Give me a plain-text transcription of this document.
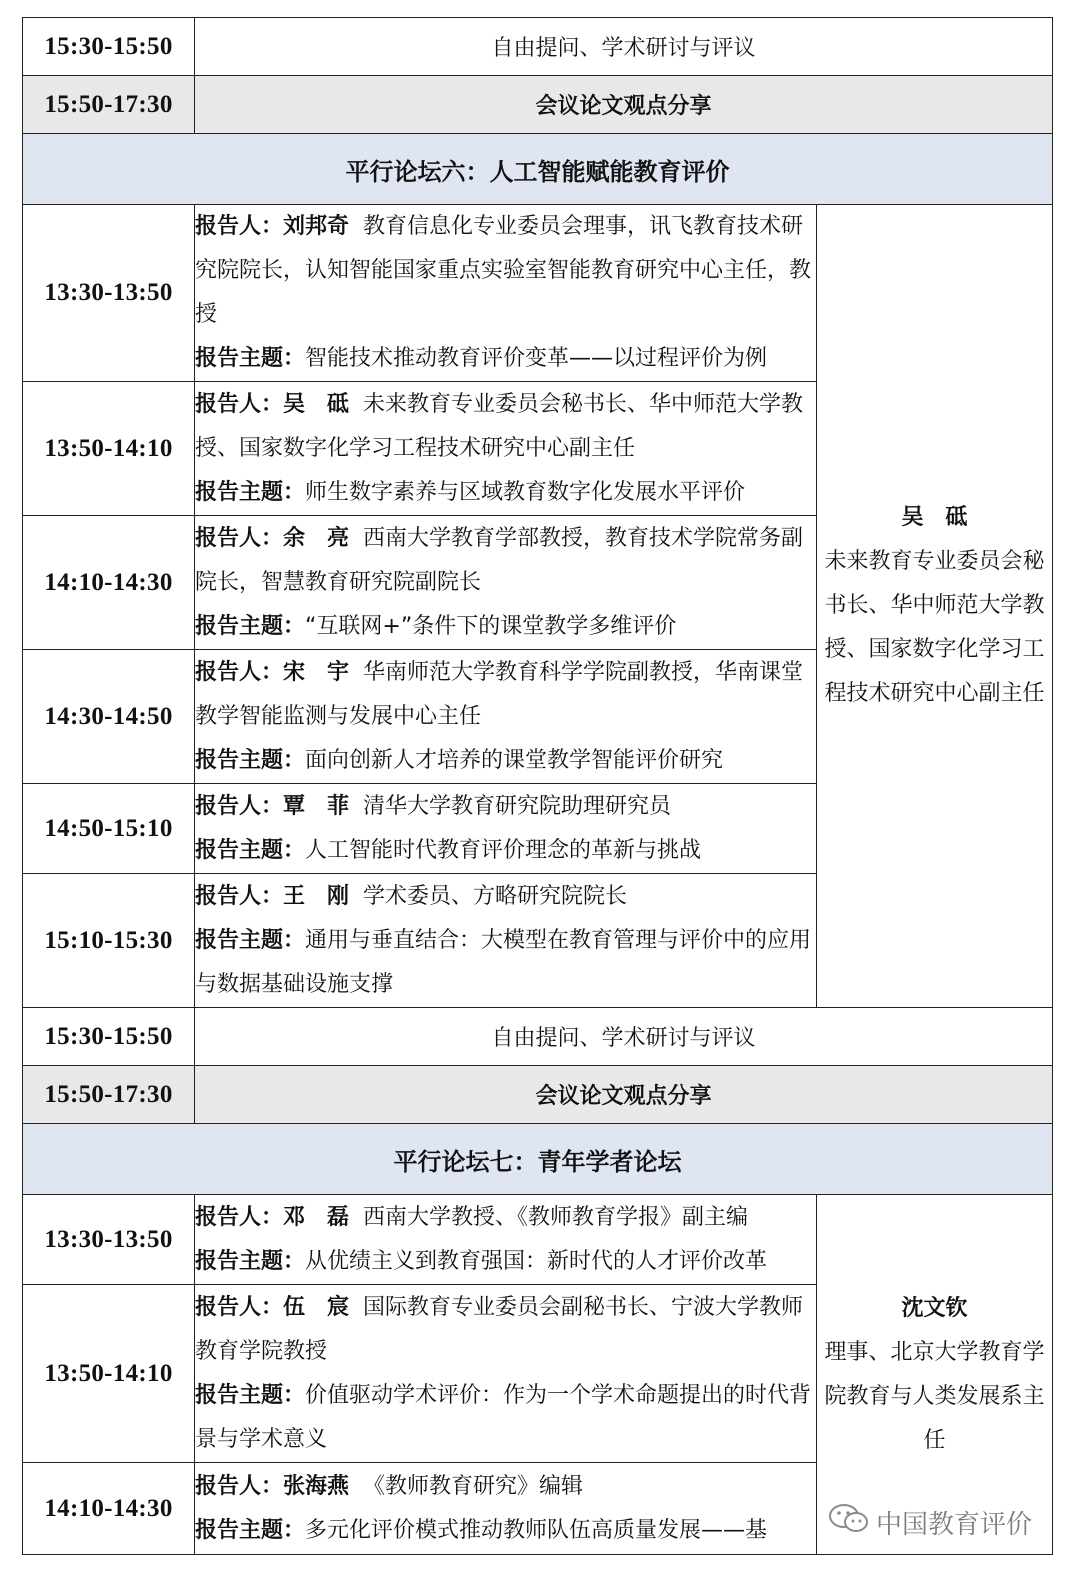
15:30-15:50	自由提问、学术研讨与评议	
15:50-17:30	会议论文观点分享	
平行论坛六：人工智能赋能教育评价		
13:30-13:50	报告人：刘邦奇 教育信息化专业委员会理事，讯飞教育技术研究院院长，认知智能国家重点实验室智能教育研究中心主任，教授
报告主题：智能技术推动教育评价变革——以过程评价为例	吴　砥
未来教育专业委员会秘书长、华中师范大学教授、国家数字化学习工程技术研究中心副主任
13:50-14:10	报告人：吴　砥 未来教育专业委员会秘书长、华中师范大学教授、国家数字化学习工程技术研究中心副主任
报告主题：师生数字素养与区域教育数字化发展水平评价	
14:10-14:30	报告人：余　亮 西南大学教育学部教授，教育技术学院常务副院长，智慧教育研究院副院长
报告主题：“互联网+”条件下的课堂教学多维评价	
14:30-14:50	报告人：宋　宇 华南师范大学教育科学学院副教授，华南课堂教学智能监测与发展中心主任
报告主题：面向创新人才培养的课堂教学智能评价研究	
14:50-15:10	报告人：覃　菲 清华大学教育研究院助理研究员
报告主题：人工智能时代教育评价理念的革新与挑战	
15:10-15:30	报告人：王　刚 学术委员、方略研究院院长
报告主题：通用与垂直结合：大模型在教育管理与评价中的应用与数据基础设施支撑	
15:30-15:50	自由提问、学术研讨与评议	
15:50-17:30	会议论文观点分享	
平行论坛七：青年学者论坛		
13:30-13:50	报告人：邓　磊 西南大学教授、《教师教育学报》副主编
报告主题：从优绩主义到教育强国：新时代的人才评价改革	沈文钦
理事、北京大学教育学院教育与人类发展系主任
13:50-14:10	报告人：伍　宸 国际教育专业委员会副秘书长、宁波大学教师教育学院教授
报告主题：价值驱动学术评价：作为一个学术命题提出的时代背景与学术意义	
14:10-14:30	报告人：张海燕 《教师教育研究》编辑
报告主题：多元化评价模式推动教师队伍高质量发展——基		中国教育评价
